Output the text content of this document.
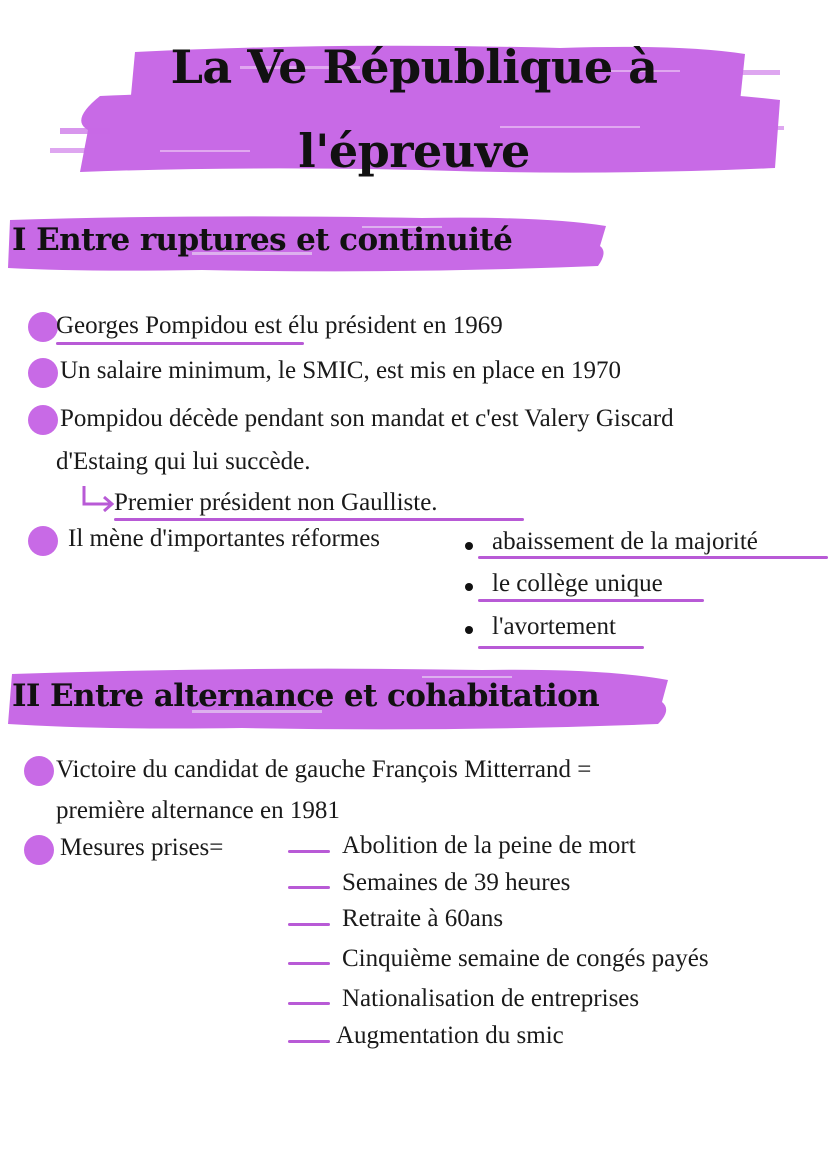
La Ve République à
l'épreuve
I Entre ruptures et continuité
Georges Pompidou est élu président en 1969
Un salaire minimum, le SMIC, est mis en place en 1970
Pompidou décède pendant son mandat et c'est Valery Giscard
d'Estaing qui lui succède.
Premier président non Gaulliste.
Il mène d'importantes réformes	abaissement de la majorité
le collège unique
l'avortement
II Entre alternance et cohabitation
Victoire du candidat de gauche François Mitterrand =
première alternance en 1981
Mesures prises=	Abolition de la peine de mort
Semaines de 39 heures
Retraite à 60ans
Cinquième semaine de congés payés
Nationalisation de entreprises
Augmentation du smic
